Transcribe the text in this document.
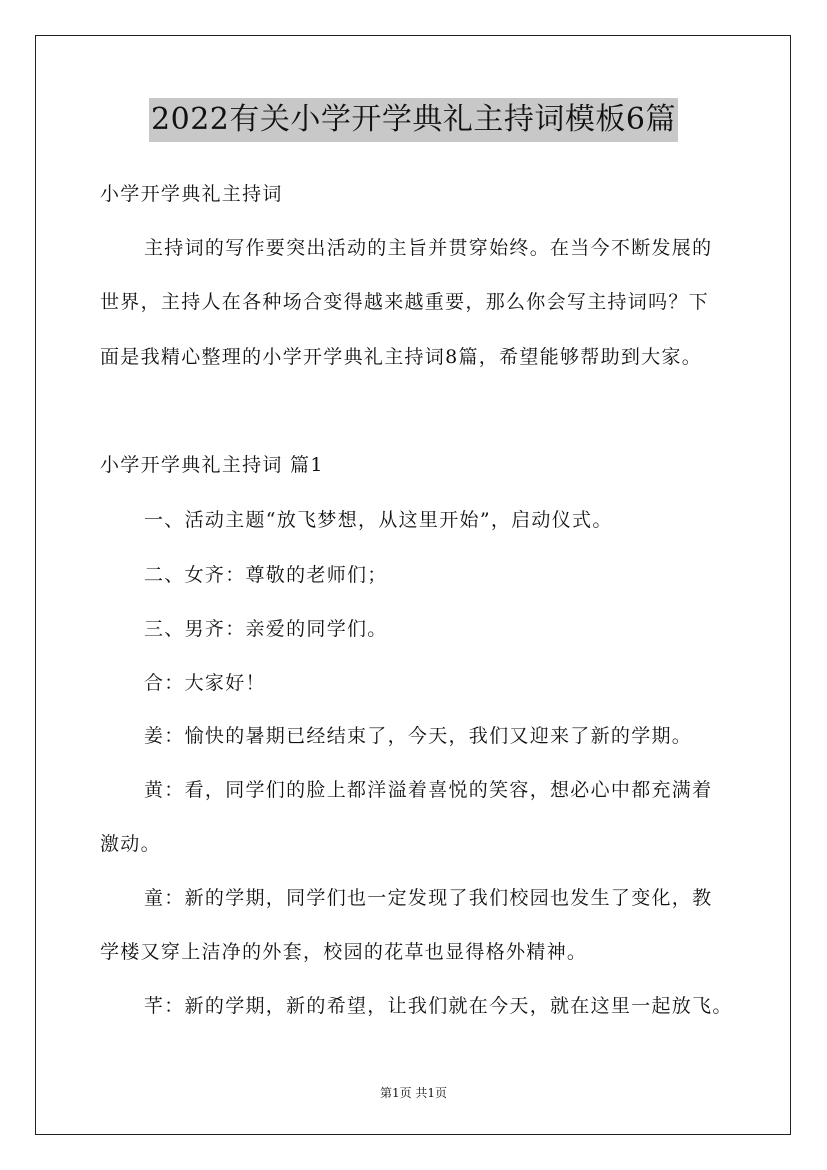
2022有关小学开学典礼主持词模板6篇
小学开学典礼主持词
主持词的写作要突出活动的主旨并贯穿始终。在当今不断发展的
世界，主持人在各种场合变得越来越重要，那么你会写主持词吗？下
面是我精心整理的小学开学典礼主持词8篇，希望能够帮助到大家。
小学开学典礼主持词 篇1
一、活动主题“放飞梦想，从这里开始”，启动仪式。
二、女齐：尊敬的老师们；
三、男齐：亲爱的同学们。
合：大家好！
姜：愉快的暑期已经结束了，今天，我们又迎来了新的学期。
黄：看，同学们的脸上都洋溢着喜悦的笑容，想必心中都充满着
激动。
童：新的学期，同学们也一定发现了我们校园也发生了变化，教
学楼又穿上洁净的外套，校园的花草也显得格外精神。
芊：新的学期，新的希望，让我们就在今天，就在这里一起放飞。
第1页 共1页
